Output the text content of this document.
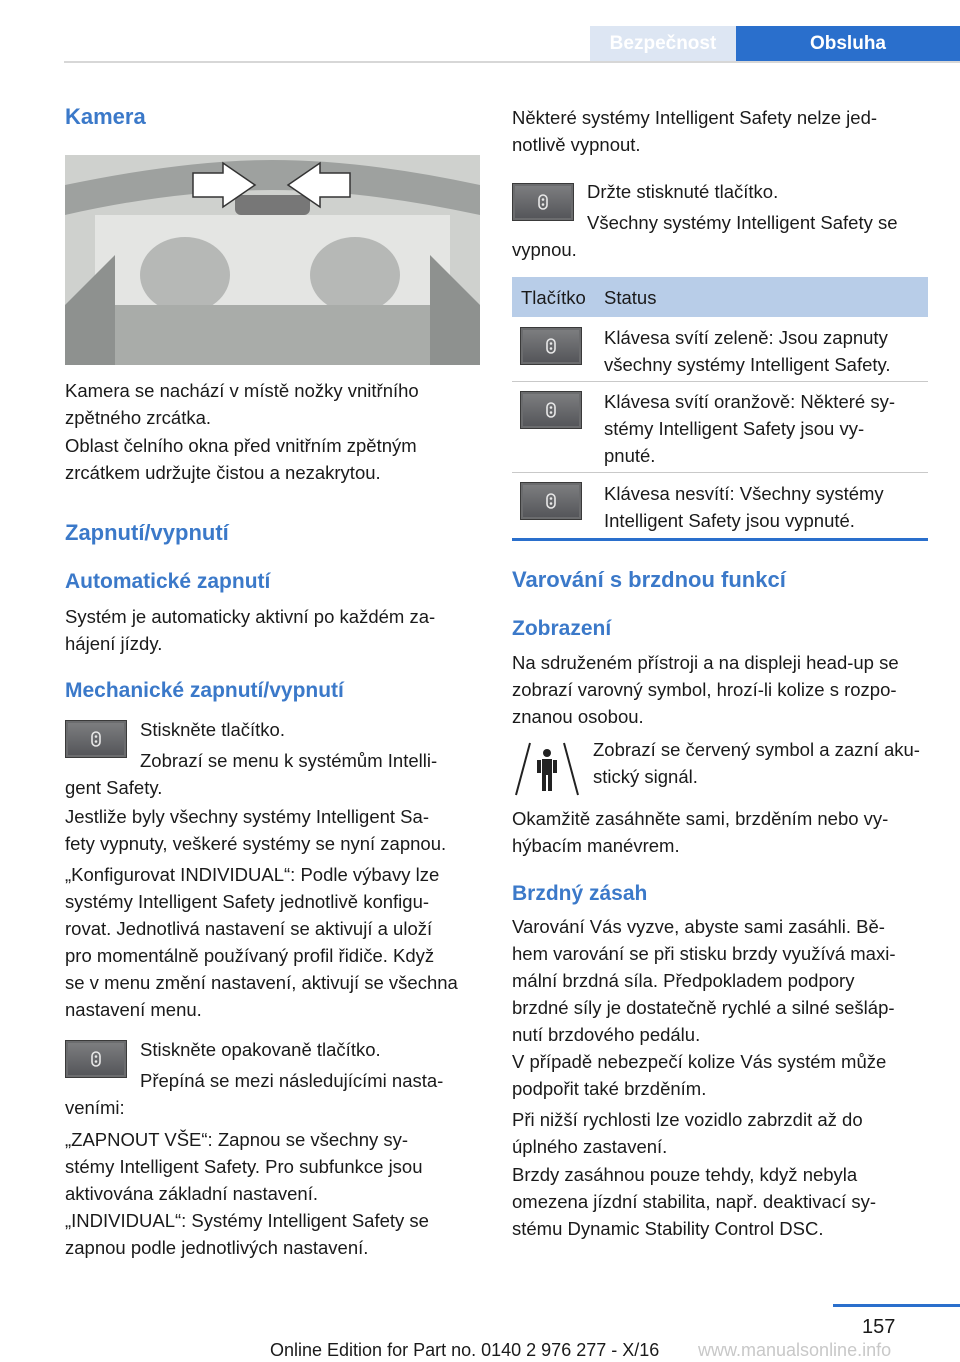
Bezpečnost	Obsluha
Kamera

Kamera se nachází v místě nožky vnitřního
zpětného zrcátka.

Oblast čelního okna před vnitřním zpětným
zrcátkem udržujte čistou a nezakrytou.

Zapnutí/vypnutí
Automatické zapnutí

Systém je automaticky aktivní po každém za‐
hájení jízdy.

Mechanické zapnutí/vypnutí
Stiskněte tlačítko.

Zobrazí se menu k systémům Intelli‐
gent Safety.

Jestliže byly všechny systémy Intelligent Sa‐
fety vypnuty, veškeré systémy se nyní zapnou.

„Konfigurovat INDIVIDUAL“: Podle výbavy lze
systémy Intelligent Safety jednotlivě konfigu‐
rovat. Jednotlivá nastavení se aktivují a uloží
pro momentálně používaný profil řidiče. Když
se v menu změní nastavení, aktivují se všechna
nastavení menu.

Stiskněte opakovaně tlačítko.

Přepíná se mezi následujícími nasta‐
veními:

„ZAPNOUT VŠE“: Zapnou se všechny sy‐
stémy Intelligent Safety. Pro subfunkce jsou
aktivována základní nastavení.

„INDIVIDUAL“: Systémy Intelligent Safety se
zapnou podle jednotlivých nastavení.

Některé systémy Intelligent Safety nelze jed‐
notlivě vypnout.

Držte stisknuté tlačítko.

Všechny systémy Intelligent Safety se
vypnou.

Tlačítko Status

Klávesa svítí zeleně: Jsou zapnuty
všechny systémy Intelligent Safety.

Klávesa svítí oranžově: Některé sy‐
stémy Intelligent Safety jsou vy‐
pnuté.

Klávesa nesvítí: Všechny systémy
Intelligent Safety jsou vypnuté.

Varování s brzdnou funkcí
Zobrazení

Na sdruženém přístroji a na displeji head-up se
zobrazí varovný symbol, hrozí-li kolize s rozpo‐
znanou osobou.

Zobrazí se červený symbol a zazní aku‐
stický signál.

Okamžitě zasáhněte sami, brzděním nebo vy‐
hýbacím manévrem.

Brzdný zásah

Varování Vás vyzve, abyste sami zasáhli. Bě‐
hem varování se při stisku brzdy využívá maxi‐
mální brzdná síla. Předpokladem podpory
brzdné síly je dostatečně rychlé a silné sešláp‐
nutí brzdového pedálu.

V případě nebezpečí kolize Vás systém může
podpořit také brzděním.

Při nižší rychlosti lze vozidlo zabrzdit až do
úplného zastavení.

Brzdy zasáhnou pouze tehdy, když nebyla
omezena jízdní stabilita, např. deaktivací sy‐
stému Dynamic Stability Control DSC.

157
Online Edition for Part no. 0140 2 976 277 - X/16 www.manualsonline.info
